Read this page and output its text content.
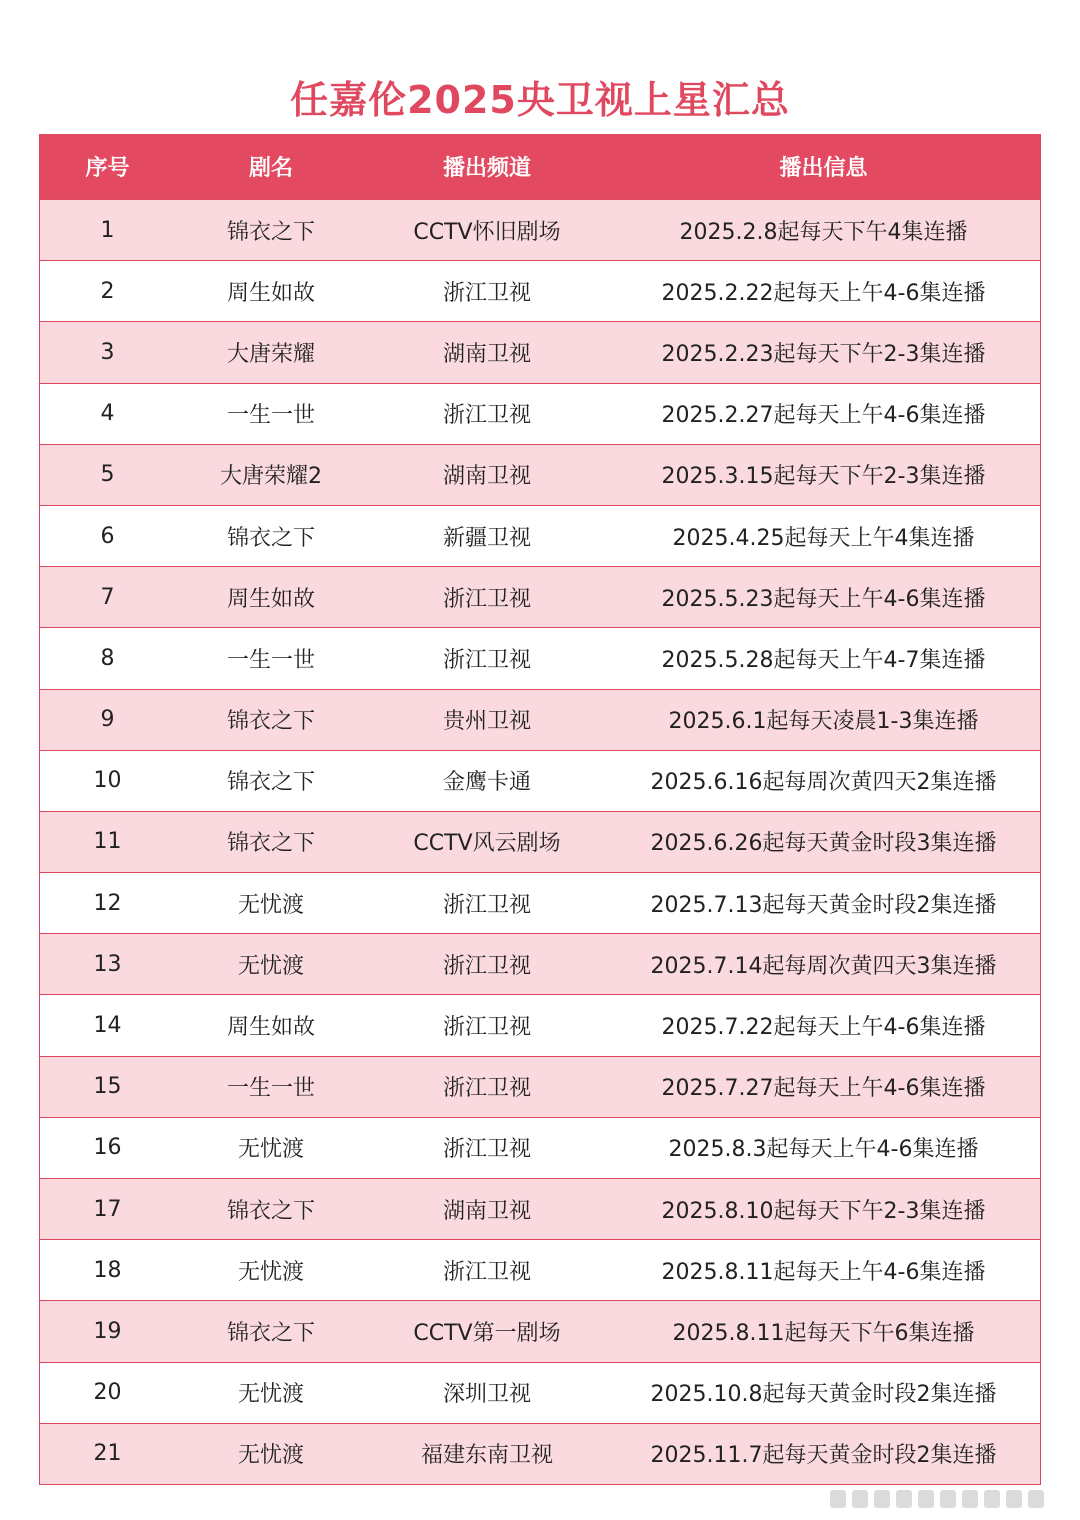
任嘉伦2025央卫视上星汇总
序号	剧名	播出频道	播出信息
1	锦衣之下	CCTV怀旧剧场	2025.2.8起每天下午4集连播
2	周生如故	浙江卫视	2025.2.22起每天上午4-6集连播
3	大唐荣耀	湖南卫视	2025.2.23起每天下午2-3集连播
4	一生一世	浙江卫视	2025.2.27起每天上午4-6集连播
5	大唐荣耀2	湖南卫视	2025.3.15起每天下午2-3集连播
6	锦衣之下	新疆卫视	2025.4.25起每天上午4集连播
7	周生如故	浙江卫视	2025.5.23起每天上午4-6集连播
8	一生一世	浙江卫视	2025.5.28起每天上午4-7集连播
9	锦衣之下	贵州卫视	2025.6.1起每天凌晨1-3集连播
10	锦衣之下	金鹰卡通	2025.6.16起每周次黄四天2集连播
11	锦衣之下	CCTV风云剧场	2025.6.26起每天黄金时段3集连播
12	无忧渡	浙江卫视	2025.7.13起每天黄金时段2集连播
13	无忧渡	浙江卫视	2025.7.14起每周次黄四天3集连播
14	周生如故	浙江卫视	2025.7.22起每天上午4-6集连播
15	一生一世	浙江卫视	2025.7.27起每天上午4-6集连播
16	无忧渡	浙江卫视	2025.8.3起每天上午4-6集连播
17	锦衣之下	湖南卫视	2025.8.10起每天下午2-3集连播
18	无忧渡	浙江卫视	2025.8.11起每天上午4-6集连播
19	锦衣之下	CCTV第一剧场	2025.8.11起每天下午6集连播
20	无忧渡	深圳卫视	2025.10.8起每天黄金时段2集连播
21	无忧渡	福建东南卫视	2025.11.7起每天黄金时段2集连播
